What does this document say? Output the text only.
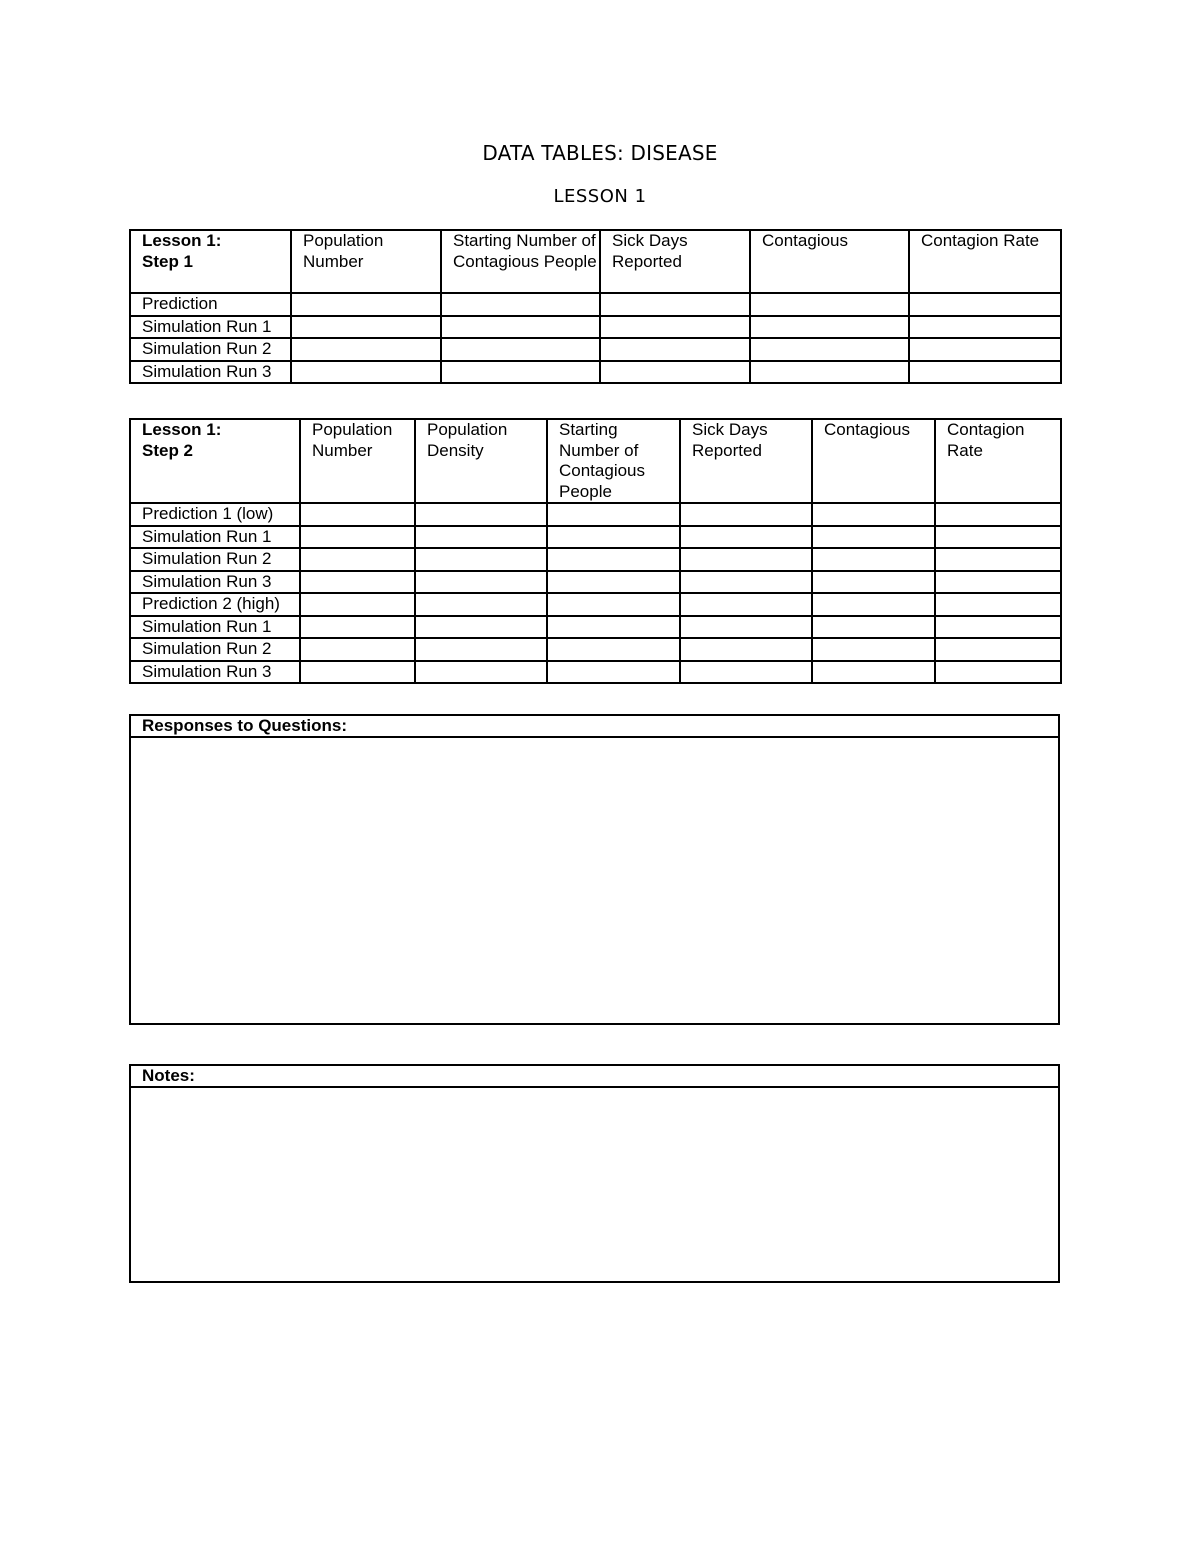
DATA TABLES: DISEASE
LESSON 1
Lesson 1:
Step 1	Population Number	Starting Number of Contagious People	Sick Days Reported	Contagious	Contagion Rate
Prediction					
Simulation Run 1					
Simulation Run 2					
Simulation Run 3					
Lesson 1:
Step 2	Population Number	Population Density	Starting Number of Contagious People	Sick Days Reported	Contagious	Contagion Rate
Prediction 1 (low)						
Simulation Run 1						
Simulation Run 2						
Simulation Run 3						
Prediction 2 (high)						
Simulation Run 1						
Simulation Run 2						
Simulation Run 3						
Responses to Questions:
Notes:
